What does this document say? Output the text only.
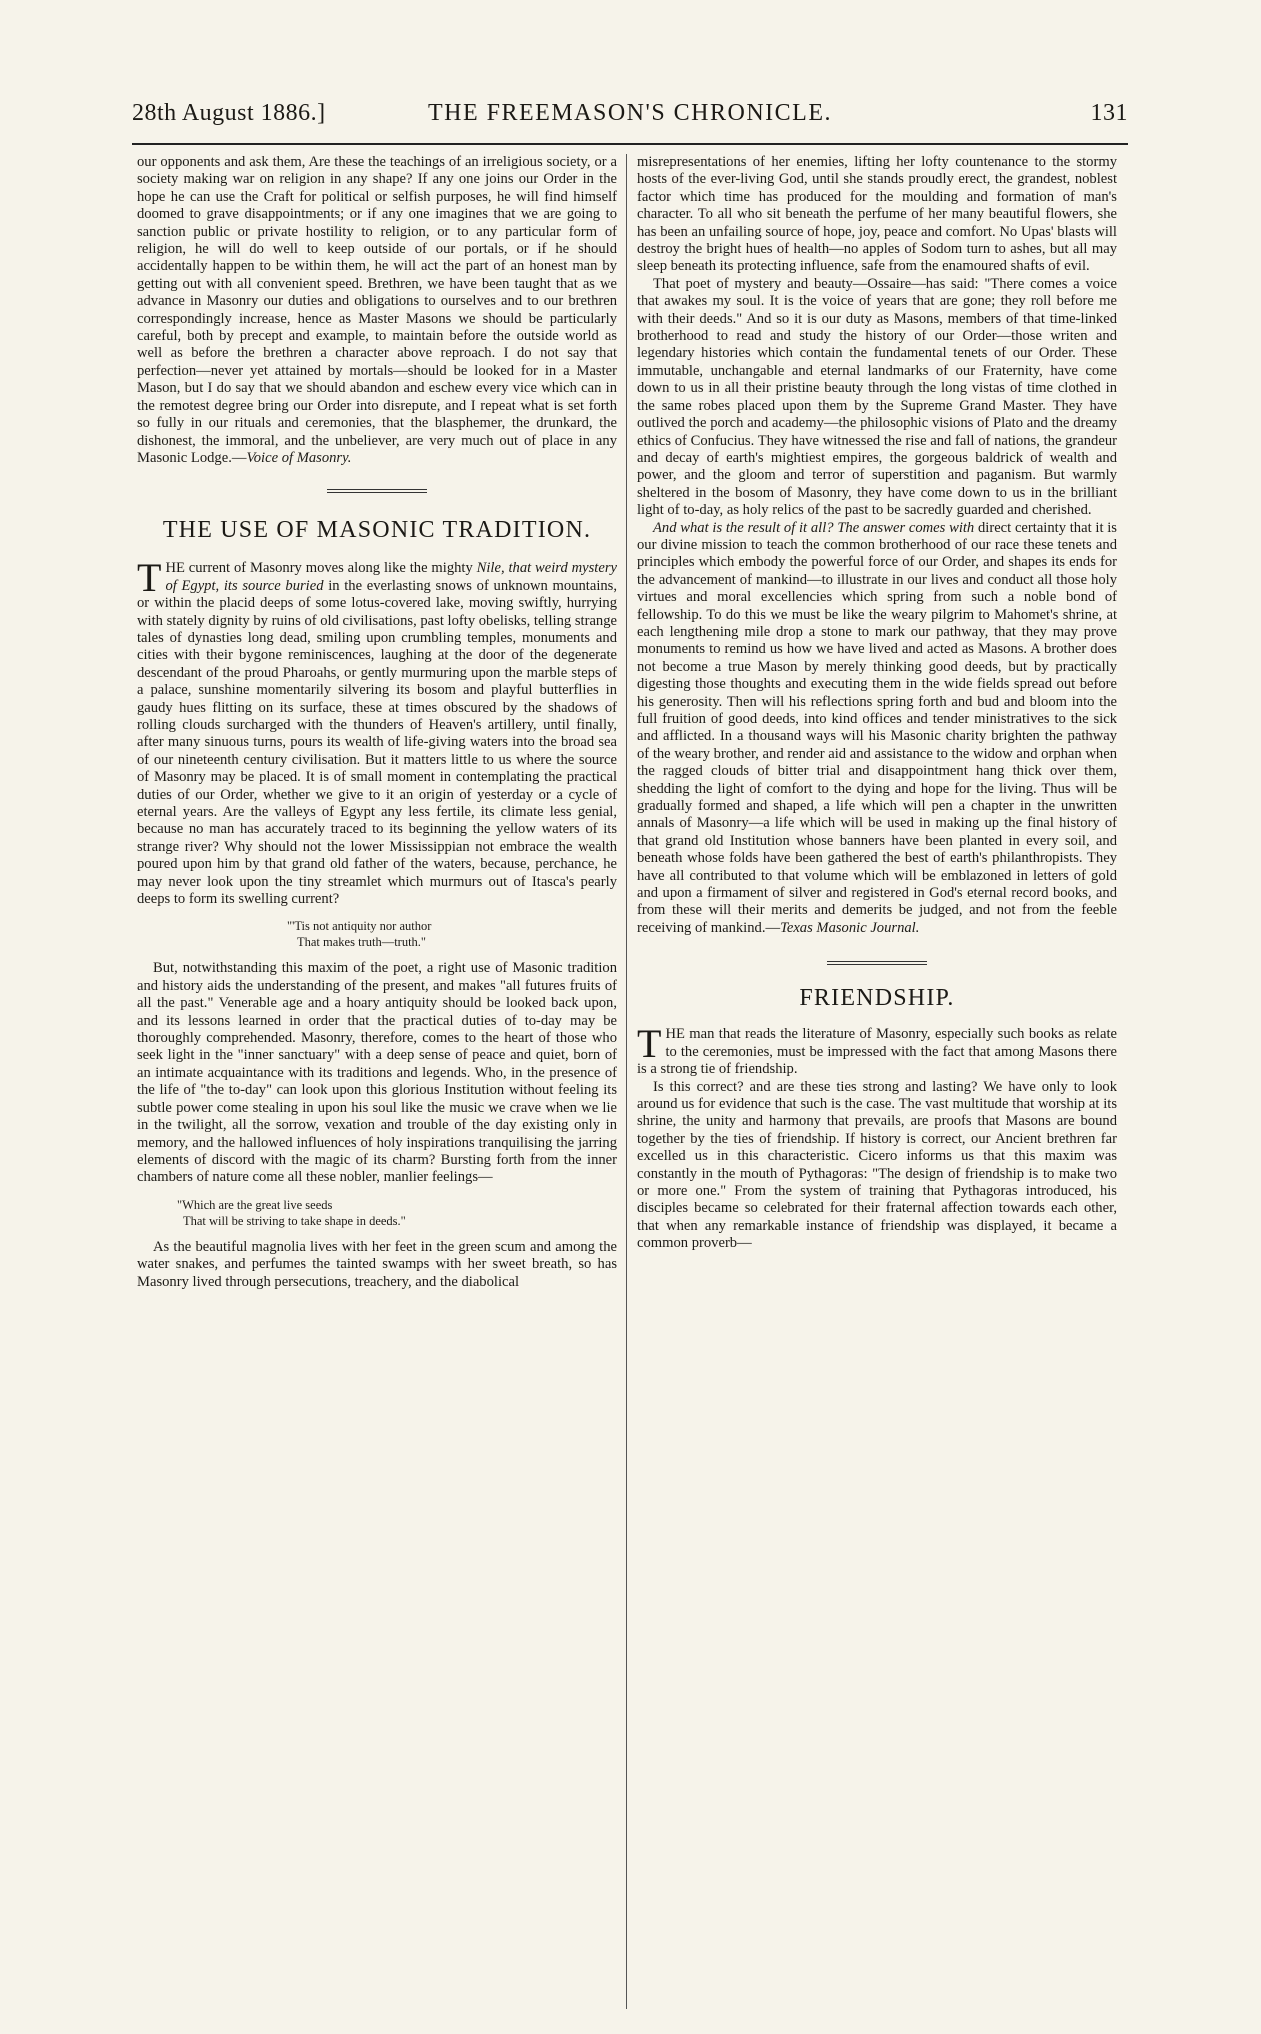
28th August 1886.]	THE FREEMASON'S CHRONICLE.	131

our opponents and ask them, Are these the teachings of an irreligious society, or a society making war on religion in any shape? If any one joins our Order in the hope he can use the Craft for political or selfish purposes, he will find himself doomed to grave disappointments; or if any one imagines that we are going to sanction public or private hostility to religion, or to any particular form of religion, he will do well to keep outside of our portals, or if he should accidentally happen to be within them, he will act the part of an honest man by getting out with all convenient speed. Brethren, we have been taught that as we advance in Masonry our duties and obligations to ourselves and to our brethren correspondingly increase, hence as Master Masons we should be particularly careful, both by precept and example, to maintain before the outside world as well as before the brethren a character above reproach. I do not say that perfection—never yet attained by mortals—should be looked for in a Master Mason, but I do say that we should abandon and eschew every vice which can in the remotest degree bring our Order into disrepute, and I repeat what is set forth so fully in our rituals and ceremonies, that the blasphemer, the drunkard, the dishonest, the immoral, and the unbeliever, are very much out of place in any Masonic Lodge.—Voice of Masonry.

THE USE OF MASONIC TRADITION.

THE current of Masonry moves along like the mighty Nile, that weird mystery of Egypt, its source buried in the everlasting snows of unknown mountains, or within the placid deeps of some lotus-covered lake, moving swiftly, hurrying with stately dignity by ruins of old civilisations, past lofty obelisks, telling strange tales of dynasties long dead, smiling upon crumbling temples, monuments and cities with their bygone reminiscences, laughing at the door of the degenerate descendant of the proud Pharoahs, or gently murmuring upon the marble steps of a palace, sunshine momentarily silvering its bosom and playful butterflies in gaudy hues flitting on its surface, these at times obscured by the shadows of rolling clouds surcharged with the thunders of Heaven's artillery, until finally, after many sinuous turns, pours its wealth of life-giving waters into the broad sea of our nineteenth century civilisation. But it matters little to us where the source of Masonry may be placed. It is of small moment in contemplating the practical duties of our Order, whether we give to it an origin of yesterday or a cycle of eternal years. Are the valleys of Egypt any less fertile, its climate less genial, because no man has accurately traced to its beginning the yellow waters of its strange river? Why should not the lower Mississippian not embrace the wealth poured upon him by that grand old father of the waters, because, perchance, he may never look upon the tiny streamlet which murmurs out of Itasca's pearly deeps to form its swelling current?

"'Tis not antiquity nor author

That makes truth—truth."

But, notwithstanding this maxim of the poet, a right use of Masonic tradition and history aids the understanding of the present, and makes "all futures fruits of all the past." Venerable age and a hoary antiquity should be looked back upon, and its lessons learned in order that the practical duties of to-day may be thoroughly comprehended. Masonry, therefore, comes to the heart of those who seek light in the "inner sanctuary" with a deep sense of peace and quiet, born of an intimate acquaintance with its traditions and legends. Who, in the presence of the life of "the to-day" can look upon this glorious Institution without feeling its subtle power come stealing in upon his soul like the music we crave when we lie in the twilight, all the sorrow, vexation and trouble of the day existing only in memory, and the hallowed influences of holy inspirations tranquilising the jarring elements of discord with the magic of its charm? Bursting forth from the inner chambers of nature come all these nobler, manlier feelings—

"Which are the great live seeds

That will be striving to take shape in deeds."

As the beautiful magnolia lives with her feet in the green scum and among the water snakes, and perfumes the tainted swamps with her sweet breath, so has Masonry lived through persecutions, treachery, and the diabolical

misrepresentations of her enemies, lifting her lofty countenance to the stormy hosts of the ever-living God, until she stands proudly erect, the grandest, noblest factor which time has produced for the moulding and formation of man's character. To all who sit beneath the perfume of her many beautiful flowers, she has been an unfailing source of hope, joy, peace and comfort. No Upas' blasts will destroy the bright hues of health—no apples of Sodom turn to ashes, but all may sleep beneath its protecting influence, safe from the enamoured shafts of evil.

That poet of mystery and beauty—Ossaire—has said: "There comes a voice that awakes my soul. It is the voice of years that are gone; they roll before me with their deeds." And so it is our duty as Masons, members of that time-linked brotherhood to read and study the history of our Order—those writen and legendary histories which contain the fundamental tenets of our Order. These immutable, unchangable and eternal landmarks of our Fraternity, have come down to us in all their pristine beauty through the long vistas of time clothed in the same robes placed upon them by the Supreme Grand Master. They have outlived the porch and academy—the philosophic visions of Plato and the dreamy ethics of Confucius. They have witnessed the rise and fall of nations, the grandeur and decay of earth's mightiest empires, the gorgeous baldrick of wealth and power, and the gloom and terror of superstition and paganism. But warmly sheltered in the bosom of Masonry, they have come down to us in the brilliant light of to-day, as holy relics of the past to be sacredly guarded and cherished.

And what is the result of it all? The answer comes with direct certainty that it is our divine mission to teach the common brotherhood of our race these tenets and principles which embody the powerful force of our Order, and shapes its ends for the advancement of mankind—to illustrate in our lives and conduct all those holy virtues and moral excellencies which spring from such a noble bond of fellowship. To do this we must be like the weary pilgrim to Mahomet's shrine, at each lengthening mile drop a stone to mark our pathway, that they may prove monuments to remind us how we have lived and acted as Masons. A brother does not become a true Mason by merely thinking good deeds, but by practically digesting those thoughts and executing them in the wide fields spread out before his generosity. Then will his reflections spring forth and bud and bloom into the full fruition of good deeds, into kind offices and tender ministratives to the sick and afflicted. In a thousand ways will his Masonic charity brighten the pathway of the weary brother, and render aid and assistance to the widow and orphan when the ragged clouds of bitter trial and disappointment hang thick over them, shedding the light of comfort to the dying and hope for the living. Thus will be gradually formed and shaped, a life which will pen a chapter in the unwritten annals of Masonry—a life which will be used in making up the final history of that grand old Institution whose banners have been planted in every soil, and beneath whose folds have been gathered the best of earth's philanthropists. They have all contributed to that volume which will be emblazoned in letters of gold and upon a firmament of silver and registered in God's eternal record books, and from these will their merits and demerits be judged, and not from the feeble receiving of mankind.—Texas Masonic Journal.

FRIENDSHIP.

THE man that reads the literature of Masonry, especially such books as relate to the ceremonies, must be impressed with the fact that among Masons there is a strong tie of friendship.

Is this correct? and are these ties strong and lasting? We have only to look around us for evidence that such is the case. The vast multitude that worship at its shrine, the unity and harmony that prevails, are proofs that Masons are bound together by the ties of friendship. If history is correct, our Ancient brethren far excelled us in this characteristic. Cicero informs us that this maxim was constantly in the mouth of Pythagoras: "The design of friendship is to make two or more one." From the system of training that Pythagoras introduced, his disciples became so celebrated for their fraternal affection towards each other, that when any remarkable instance of friendship was displayed, it became a common proverb—
